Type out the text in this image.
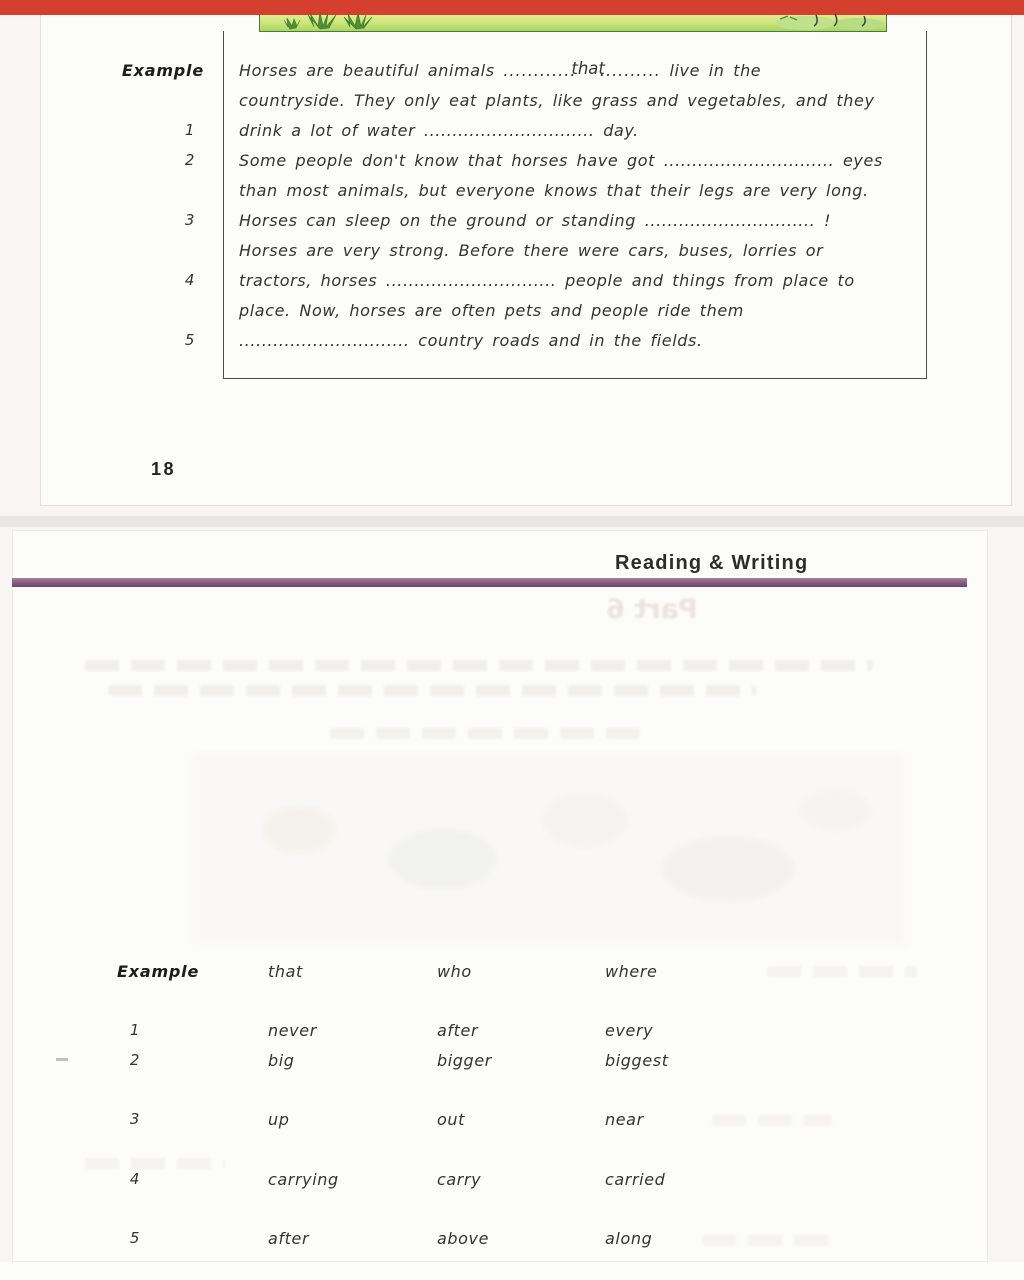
Example Horses are beautiful animals ............that.......... live in the
countryside. They only eat plants, like grass and vegetables, and they
1	drink a lot of water .............................. day.
2	Some people don't know that horses have got .............................. eyes
than most animals, but everyone knows that their legs are very long.
3	Horses can sleep on the ground or standing .............................. !
Horses are very strong. Before there were cars, buses, lorries or
4	tractors, horses .............................. people and things from place to
place. Now, horses are often pets and people ride them
5	.............................. country roads and in the fields.
18
Reading & Writing
Part 6
Example	that	who	where
1	never	after	every
2	big	bigger	biggest
3	up	out	near
4	carrying	carry	carried
5	after	above	along
